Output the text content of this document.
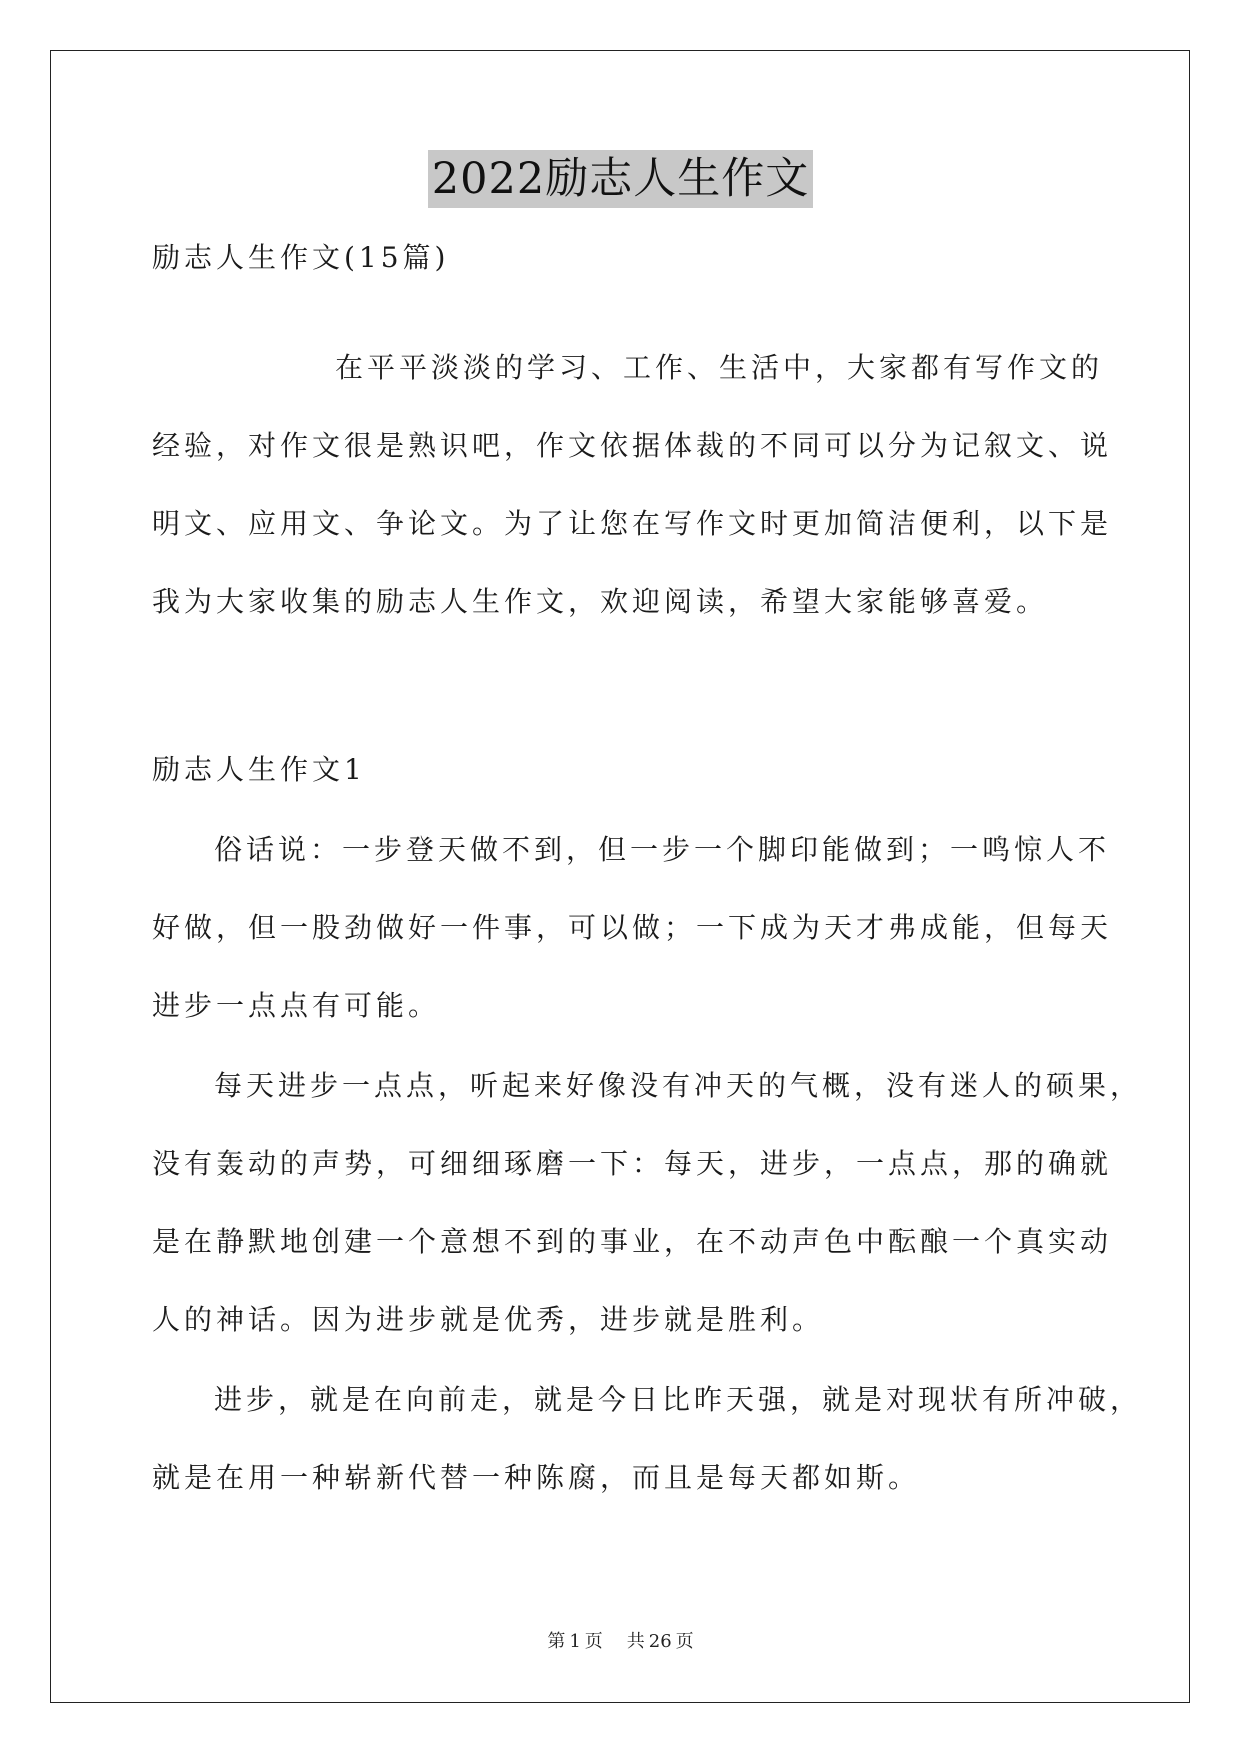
2022励志人生作文
励志人生作文(15篇)
在平平淡淡的学习、工作、生活中，大家都有写作文的
经验，对作文很是熟识吧，作文依据体裁的不同可以分为记叙文、说
明文、应用文、争论文。为了让您在写作文时更加简洁便利，以下是
我为大家收集的励志人生作文，欢迎阅读，希望大家能够喜爱。
励志人生作文1
俗话说：一步登天做不到，但一步一个脚印能做到；一鸣惊人不
好做，但一股劲做好一件事，可以做；一下成为天才弗成能，但每天
进步一点点有可能。
每天进步一点点，听起来好像没有冲天的气概，没有迷人的硕果，
没有轰动的声势，可细细琢磨一下：每天，进步，一点点，那的确就
是在静默地创建一个意想不到的事业，在不动声色中酝酿一个真实动
人的神话。因为进步就是优秀，进步就是胜利。
进步，就是在向前走，就是今日比昨天强，就是对现状有所冲破，
就是在用一种崭新代替一种陈腐，而且是每天都如斯。
第 1 页 共 26 页
